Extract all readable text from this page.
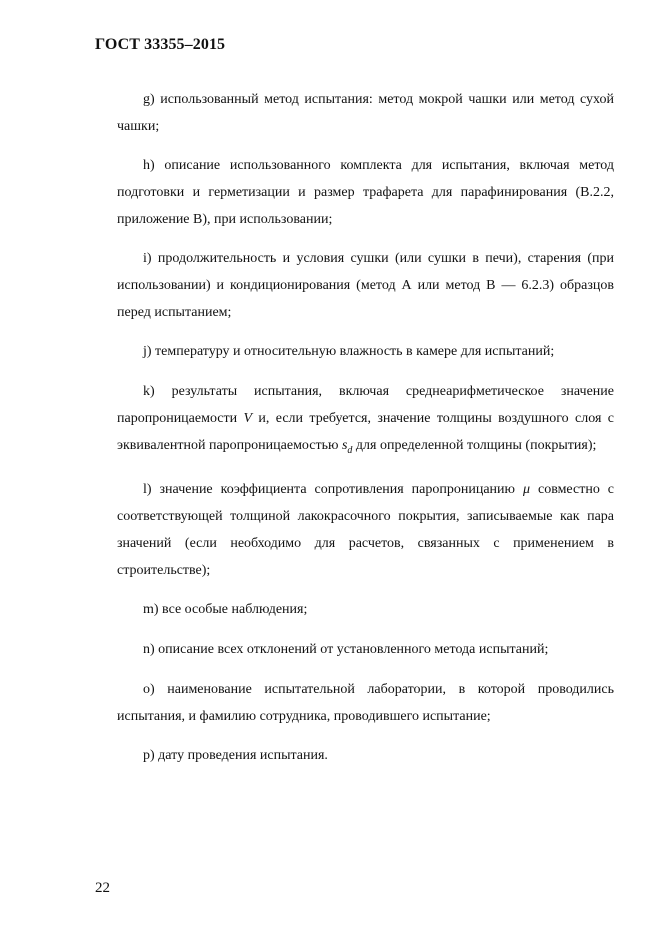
ГОСТ 33355–2015

g) использованный метод испытания: метод мокрой чашки или метод сухой чашки;

h) описание использованного комплекта для испытания, включая метод подготовки и герметизации и размер трафарета для парафинирования (В.2.2, приложение В), при использовании;

i) продолжительность и условия сушки (или сушки в печи), старения (при использовании) и кондиционирования (метод А или метод В — 6.2.3) образцов перед испытанием;

j) температуру и относительную влажность в камере для испытаний;

k) результаты испытания, включая среднеарифметическое значение паропроницаемости V и, если требуется, значение толщины воздушного слоя с эквивалентной паропроницаемостью $s_d$ для определенной толщины (покрытия);

l) значение коэффициента сопротивления паропроницанию μ совместно с соответствующей толщиной лакокрасочного покрытия, записываемые как пара значений (если необходимо для расчетов, связанных с применением в строительстве);

m) все особые наблюдения;

n) описание всех отклонений от установленного метода испытаний;

o) наименование испытательной лаборатории, в которой проводились испытания, и фамилию сотрудника, проводившего испытание;

p) дату проведения испытания.

22
